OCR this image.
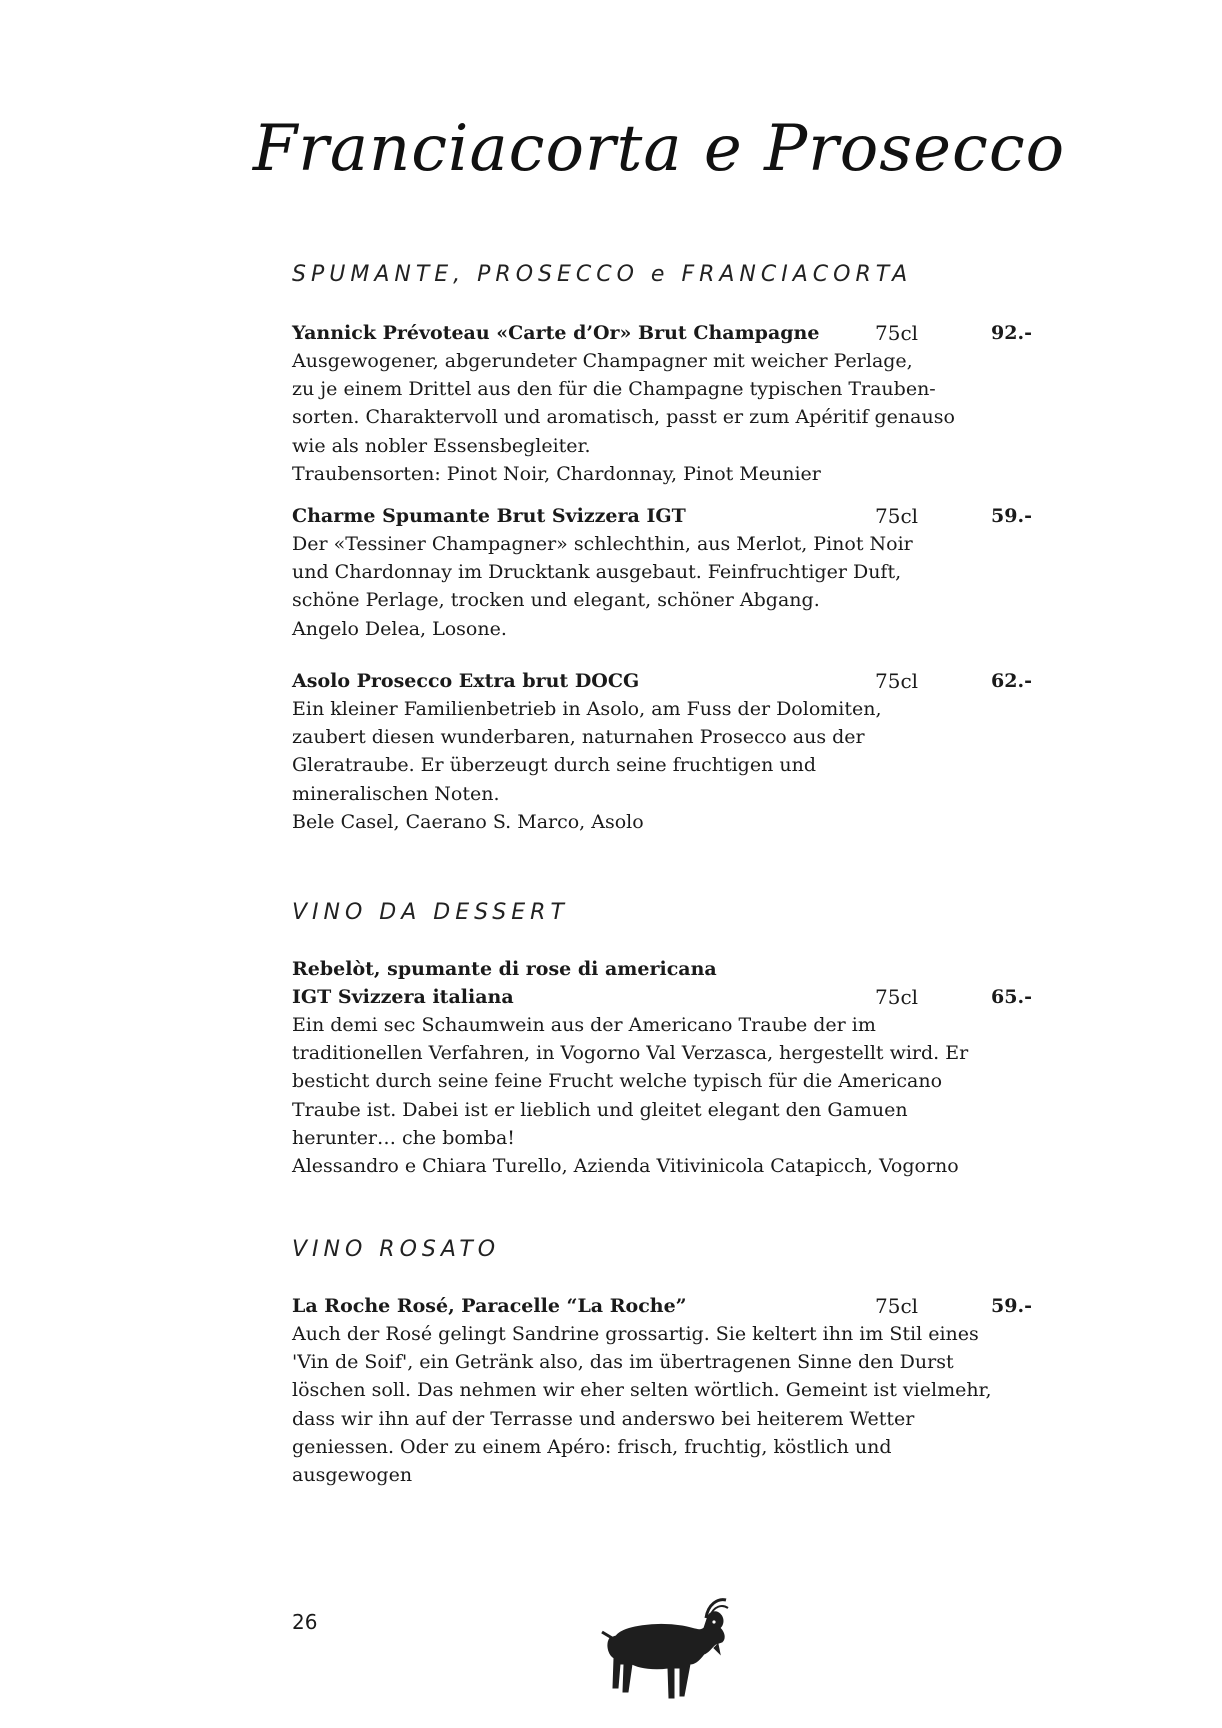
Franciacorta e Prosecco
SPUMANTE, PROSECCO e FRANCIACORTA
Yannick Prévoteau «Carte d’Or» Brut Champagne	75cl	92.-
Ausgewogener, abgerundeter Champagner mit weicher Perlage,
zu je einem Drittel aus den für die Champagne typischen Trauben-
sorten. Charaktervoll und aromatisch, passt er zum Apéritif genauso
wie als nobler Essensbegleiter.
Traubensorten: Pinot Noir, Chardonnay, Pinot Meunier
Charme Spumante Brut Svizzera IGT	75cl	59.-
Der «Tessiner Champagner» schlechthin, aus Merlot, Pinot Noir
und Chardonnay im Drucktank ausgebaut. Feinfruchtiger Duft,
schöne Perlage, trocken und elegant, schöner Abgang.
Angelo Delea, Losone.
Asolo Prosecco Extra brut DOCG	75cl	62.-
Ein kleiner Familienbetrieb in Asolo, am Fuss der Dolomiten,
zaubert diesen wunderbaren, naturnahen Prosecco aus der
Gleratraube. Er überzeugt durch seine fruchtigen und
mineralischen Noten.
Bele Casel, Caerano S. Marco, Asolo
VINO DA DESSERT
Rebelòt, spumante di rose di americana
IGT Svizzera italiana	75cl	65.-
Ein demi sec Schaumwein aus der Americano Traube der im
traditionellen Verfahren, in Vogorno Val Verzasca, hergestellt wird. Er
besticht durch seine feine Frucht welche typisch für die Americano
Traube ist. Dabei ist er lieblich und gleitet elegant den Gamuen
herunter… che bomba!
Alessandro e Chiara Turello, Azienda Vitivinicola Catapicch, Vogorno
VINO ROSATO
La Roche Rosé, Paracelle “La Roche”	75cl	59.-
Auch der Rosé gelingt Sandrine grossartig. Sie keltert ihn im Stil eines
'Vin de Soif', ein Getränk also, das im übertragenen Sinne den Durst
löschen soll. Das nehmen wir eher selten wörtlich. Gemeint ist vielmehr,
dass wir ihn auf der Terrasse und anderswo bei heiterem Wetter
geniessen. Oder zu einem Apéro: frisch, fruchtig, köstlich und
ausgewogen
26
